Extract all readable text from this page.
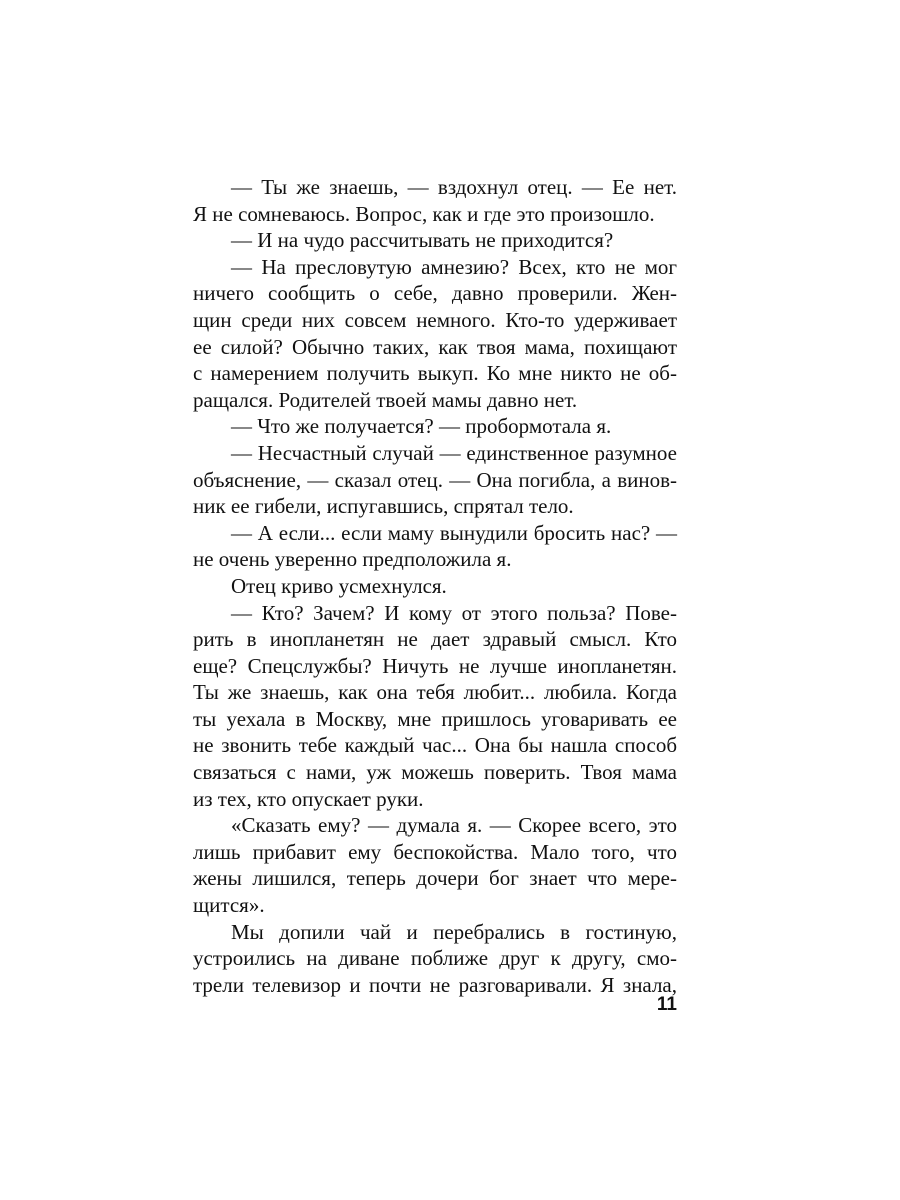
— Ты же знаешь, — вздохнул отец. — Ее нет.
Я не сомневаюсь. Вопрос, как и где это произошло.
— И на чудо рассчитывать не приходится?
— На пресловутую амнезию? Всех, кто не мог
ничего сообщить о себе, давно проверили. Жен-
щин среди них совсем немного. Кто-то удерживает
ее силой? Обычно таких, как твоя мама, похищают
с намерением получить выкуп. Ко мне никто не об-
ращался. Родителей твоей мамы давно нет.
— Что же получается? — пробормотала я.
— Несчастный случай — единственное разумное
объяснение, — сказал отец. — Она погибла, а винов-
ник ее гибели, испугавшись, спрятал тело.
— А если... если маму вынудили бросить нас? —
не очень уверенно предположила я.
Отец криво усмехнулся.
— Кто? Зачем? И кому от этого польза? Пове-
рить в инопланетян не дает здравый смысл. Кто
еще? Спецслужбы? Ничуть не лучше инопланетян.
Ты же знаешь, как она тебя любит... любила. Когда
ты уехала в Москву, мне пришлось уговаривать ее
не звонить тебе каждый час... Она бы нашла способ
связаться с нами, уж можешь поверить. Твоя мама
из тех, кто опускает руки.
«Сказать ему? — думала я. — Скорее всего, это
лишь прибавит ему беспокойства. Мало того, что
жены лишился, теперь дочери бог знает что мере-
щится».
Мы допили чай и перебрались в гостиную,
устроились на диване поближе друг к другу, смо-
трели телевизор и почти не разговаривали. Я знала,
11
